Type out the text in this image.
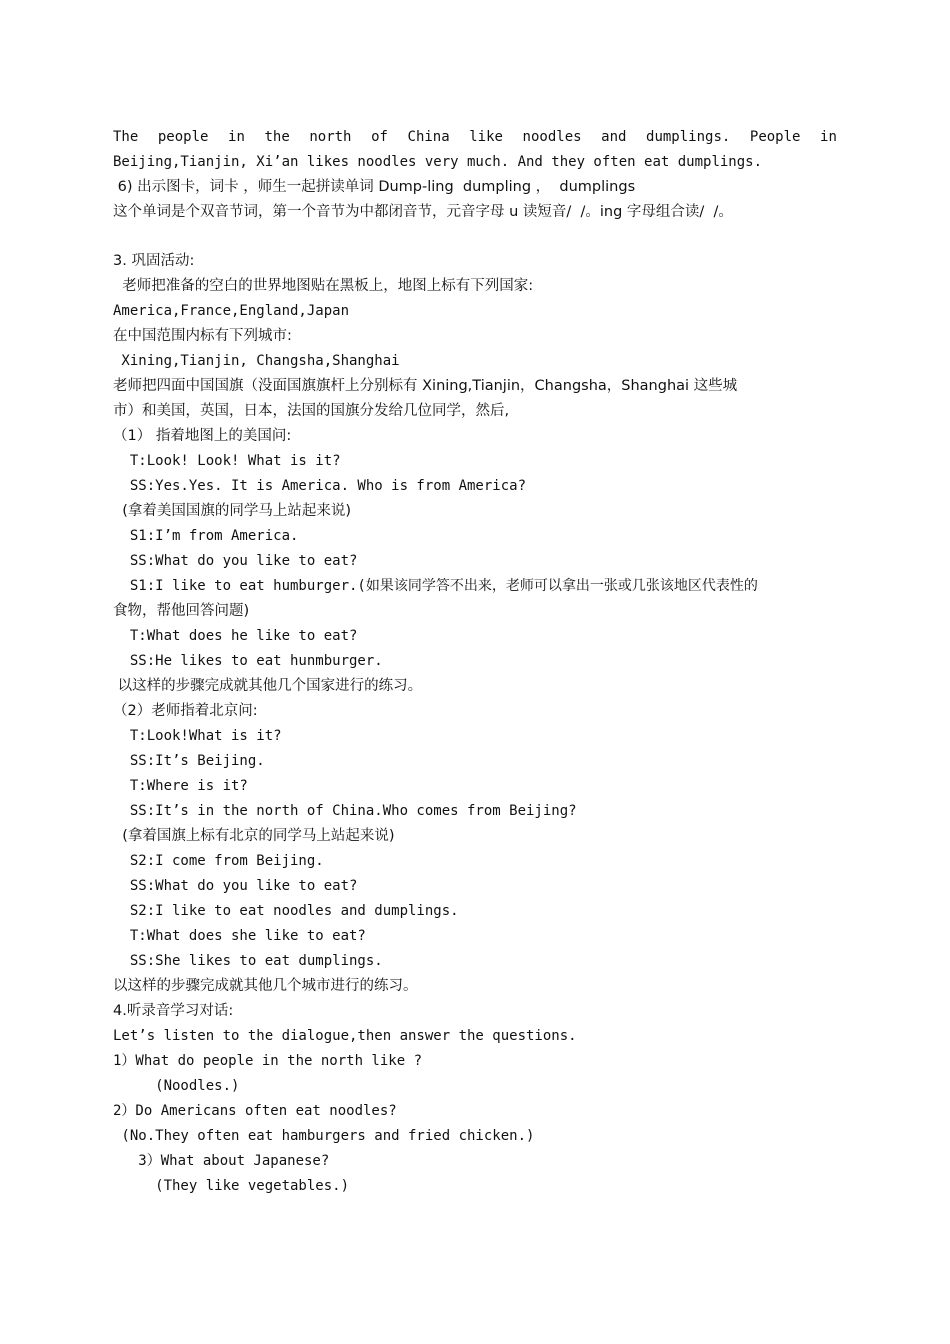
The people in the north of China like noodles and dumplings. People in
Beijing,Tianjin, Xi’an likes noodles very much. And they often eat dumplings.
6) 出示图卡，词卡 ，师生一起拼读单词 Dump-ling  dumpling ，  dumplings
这个单词是个双音节词，第一个音节为中都闭音节，元音字母 u 读短音/  /。ing 字母组合读/  /。
3. 巩固活动:
老师把准备的空白的世界地图贴在黑板上，地图上标有下列国家:
America,France,England,Japan
在中国范围内标有下列城市:
Xining,Tianjin, Changsha,Shanghai
老师把四面中国国旗（没面国旗旗杆上分别标有 Xining,Tianjin，Changsha，Shanghai 这些城
市）和美国，英国，日本，法国的国旗分发给几位同学，然后,
（1） 指着地图上的美国问:
T:Look! Look! What is it?
SS:Yes.Yes. It is America. Who is from America?
(拿着美国国旗的同学马上站起来说)
S1:I’m from America.
SS:What do you like to eat?
S1:I like to eat humburger.(如果该同学答不出来，老师可以拿出一张或几张该地区代表性的
食物，帮他回答问题)
T:What does he like to eat?
SS:He likes to eat hunmburger.
以这样的步骤完成就其他几个国家进行的练习。
（2）老师指着北京问:
T:Look!What is it?
SS:It’s Beijing.
T:Where is it?
SS:It’s in the north of China.Who comes from Beijing?
(拿着国旗上标有北京的同学马上站起来说)
S2:I come from Beijing.
SS:What do you like to eat?
S2:I like to eat noodles and dumplings.
T:What does she like to eat?
SS:She likes to eat dumplings.
以这样的步骤完成就其他几个城市进行的练习。
4.听录音学习对话:
Let’s listen to the dialogue,then answer the questions.
1）What do people in the north like ?
(Noodles.)
2）Do Americans often eat noodles?
(No.They often eat hamburgers and fried chicken.)
3）What about Japanese?
(They like vegetables.)
